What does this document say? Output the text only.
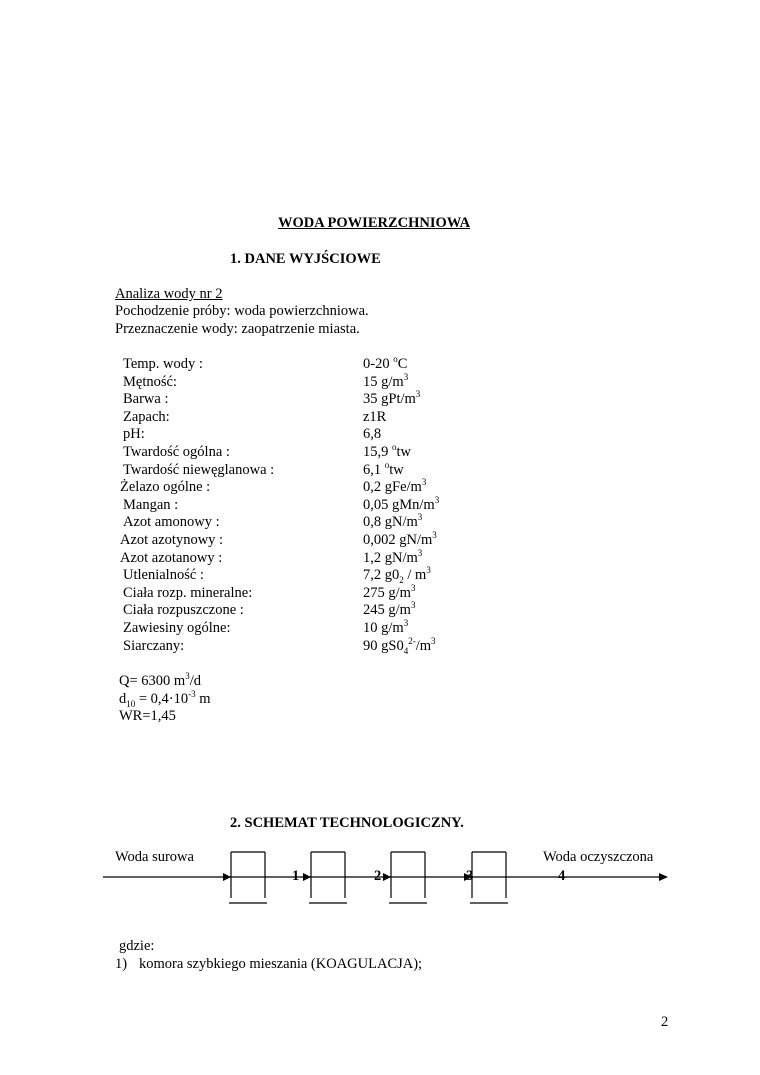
WODA POWIERZCHNIOWA
1. DANE WYJŚCIOWE
Analiza wody nr 2
Pochodzenie próby: woda powierzchniowa.
Przeznaczenie wody: zaopatrzenie miasta.
Temp. wody :	0-20 $^o$C
Mętność:	15 $g/m^3$
Barwa :	35 gPt/$m^3$
Zapach:	z1R
pH:	6,8
Twardość ogólna :	15,9 $^o$tw
Twardość niewęglanowa :	6,1 $^o$tw
Żelazo ogólne :	0,2 gFe/$m^3$
Mangan :	0,05 gMn/$m^3$
Azot amonowy :	0,8 $gN/m^3$
Azot azotynowy :	0,002 $gN/m^3$
Azot azotanowy :	1,2 $gN/m^3$
Utlenialność :	7,2 $g0_2 / m^3$
Ciała rozp. mineralne:	275 $g/m^3$
Ciała rozpuszczone :	245 $g/m^3$
Zawiesiny ogólne:	10 $g/m^3$
Siarczany:	90 $gS0_4^{2-}/m^3$
Q= 6300 $m^3/d$
$d_{10} = 0,4\cdot 10^{-3}$ m
WR=1,45
2. SCHEMAT TECHNOLOGICZNY.
Woda surowa	Woda oczyszczona
1	2	3	4
gdzie:
1) komora szybkiego mieszania (KOAGULACJA);
2
